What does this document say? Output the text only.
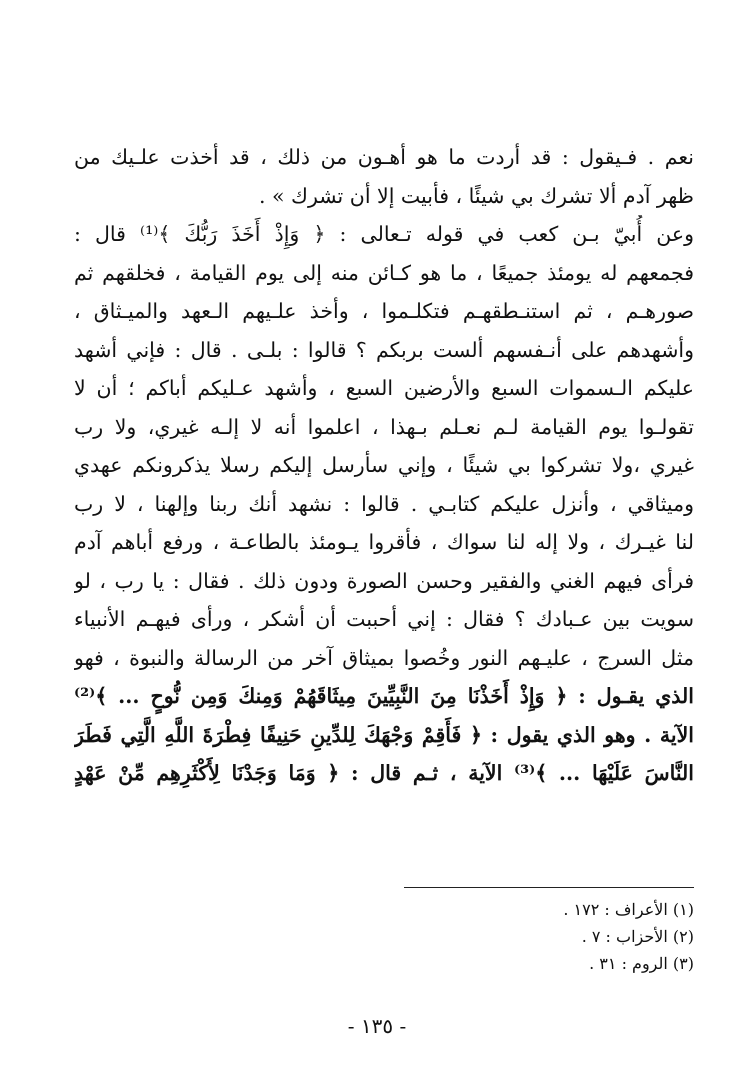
نعم . فـيقول : قد أردت ما هو أهـون من ذلك ، قد أخذت علـيك من
ظهر آدم ألا تشرك بي شيئًا ، فأبيت إلا أن تشرك » .
وعن أُبيّ بـن كعب في قوله تـعالى : ﴿ وَإِذْ أَخَذَ رَبُّكَ ﴾⁽¹⁾ قال :
فجمعهم له يومئذ جميعًا ، ما هو كـائن منه إلى يوم القيامة ، فخلقهم ثم
صورهـم ، ثم استنـطقهـم فتكلـموا ، وأخذ علـيهم الـعهد والميـثاق ،
وأشهدهم على أنـفسهم ألست بربكم ؟ قالوا : بلـى . قال : فإني أشهد
عليكم الـسموات السبع والأرضين السبع ، وأشهد عـليكم أباكم ؛ أن لا
تقولـوا يوم القيامة لـم نعـلم بـهذا ، اعلموا أنه لا إلـه غيري، ولا رب
غيري ،ولا تشركوا بي شيئًا ، وإني سأرسل إليكم رسلا يذكرونكم عهدي
وميثاقي ، وأنزل عليكم كتابـي . قالوا : نشهد أنك ربنا وإلهنا ، لا رب
لنا غيـرك ، ولا إله لنا سواك ، فأقروا يـومئذ بالطاعـة ، ورفع أباهم آدم
فرأى فيهم الغني والفقير وحسن الصورة ودون ذلك . فقال : يا رب ، لو
سويت بين عـبادك ؟ فقال : إني أحببت أن أشكر ، ورأى فيهـم الأنبياء
مثل السرج ، عليـهم النور وخُصوا بميثاق آخر من الرسالة والنبوة ، فهو
الذي يقـول : ﴿ وَإِذْ أَخَذْنَا مِنَ النَّبِيِّينَ مِيثَاقَهُمْ وَمِنكَ وَمِن نُّوحٍ ... ﴾⁽²⁾
الآية . وهو الذي يقول : ﴿ فَأَقِمْ وَجْهَكَ لِلدِّينِ حَنِيفًا فِطْرَةَ اللَّهِ الَّتِي فَطَرَ
النَّاسَ عَلَيْهَا ... ﴾⁽³⁾ الآية ، ثـم قال : ﴿ وَمَا وَجَدْنَا لِأَكْثَرِهِم مِّنْ عَهْدٍ
(١) الأعراف : ١٧٢ .
(٢) الأحزاب : ٧ .
(٣) الروم : ٣١ .
- ١٣٥ -
